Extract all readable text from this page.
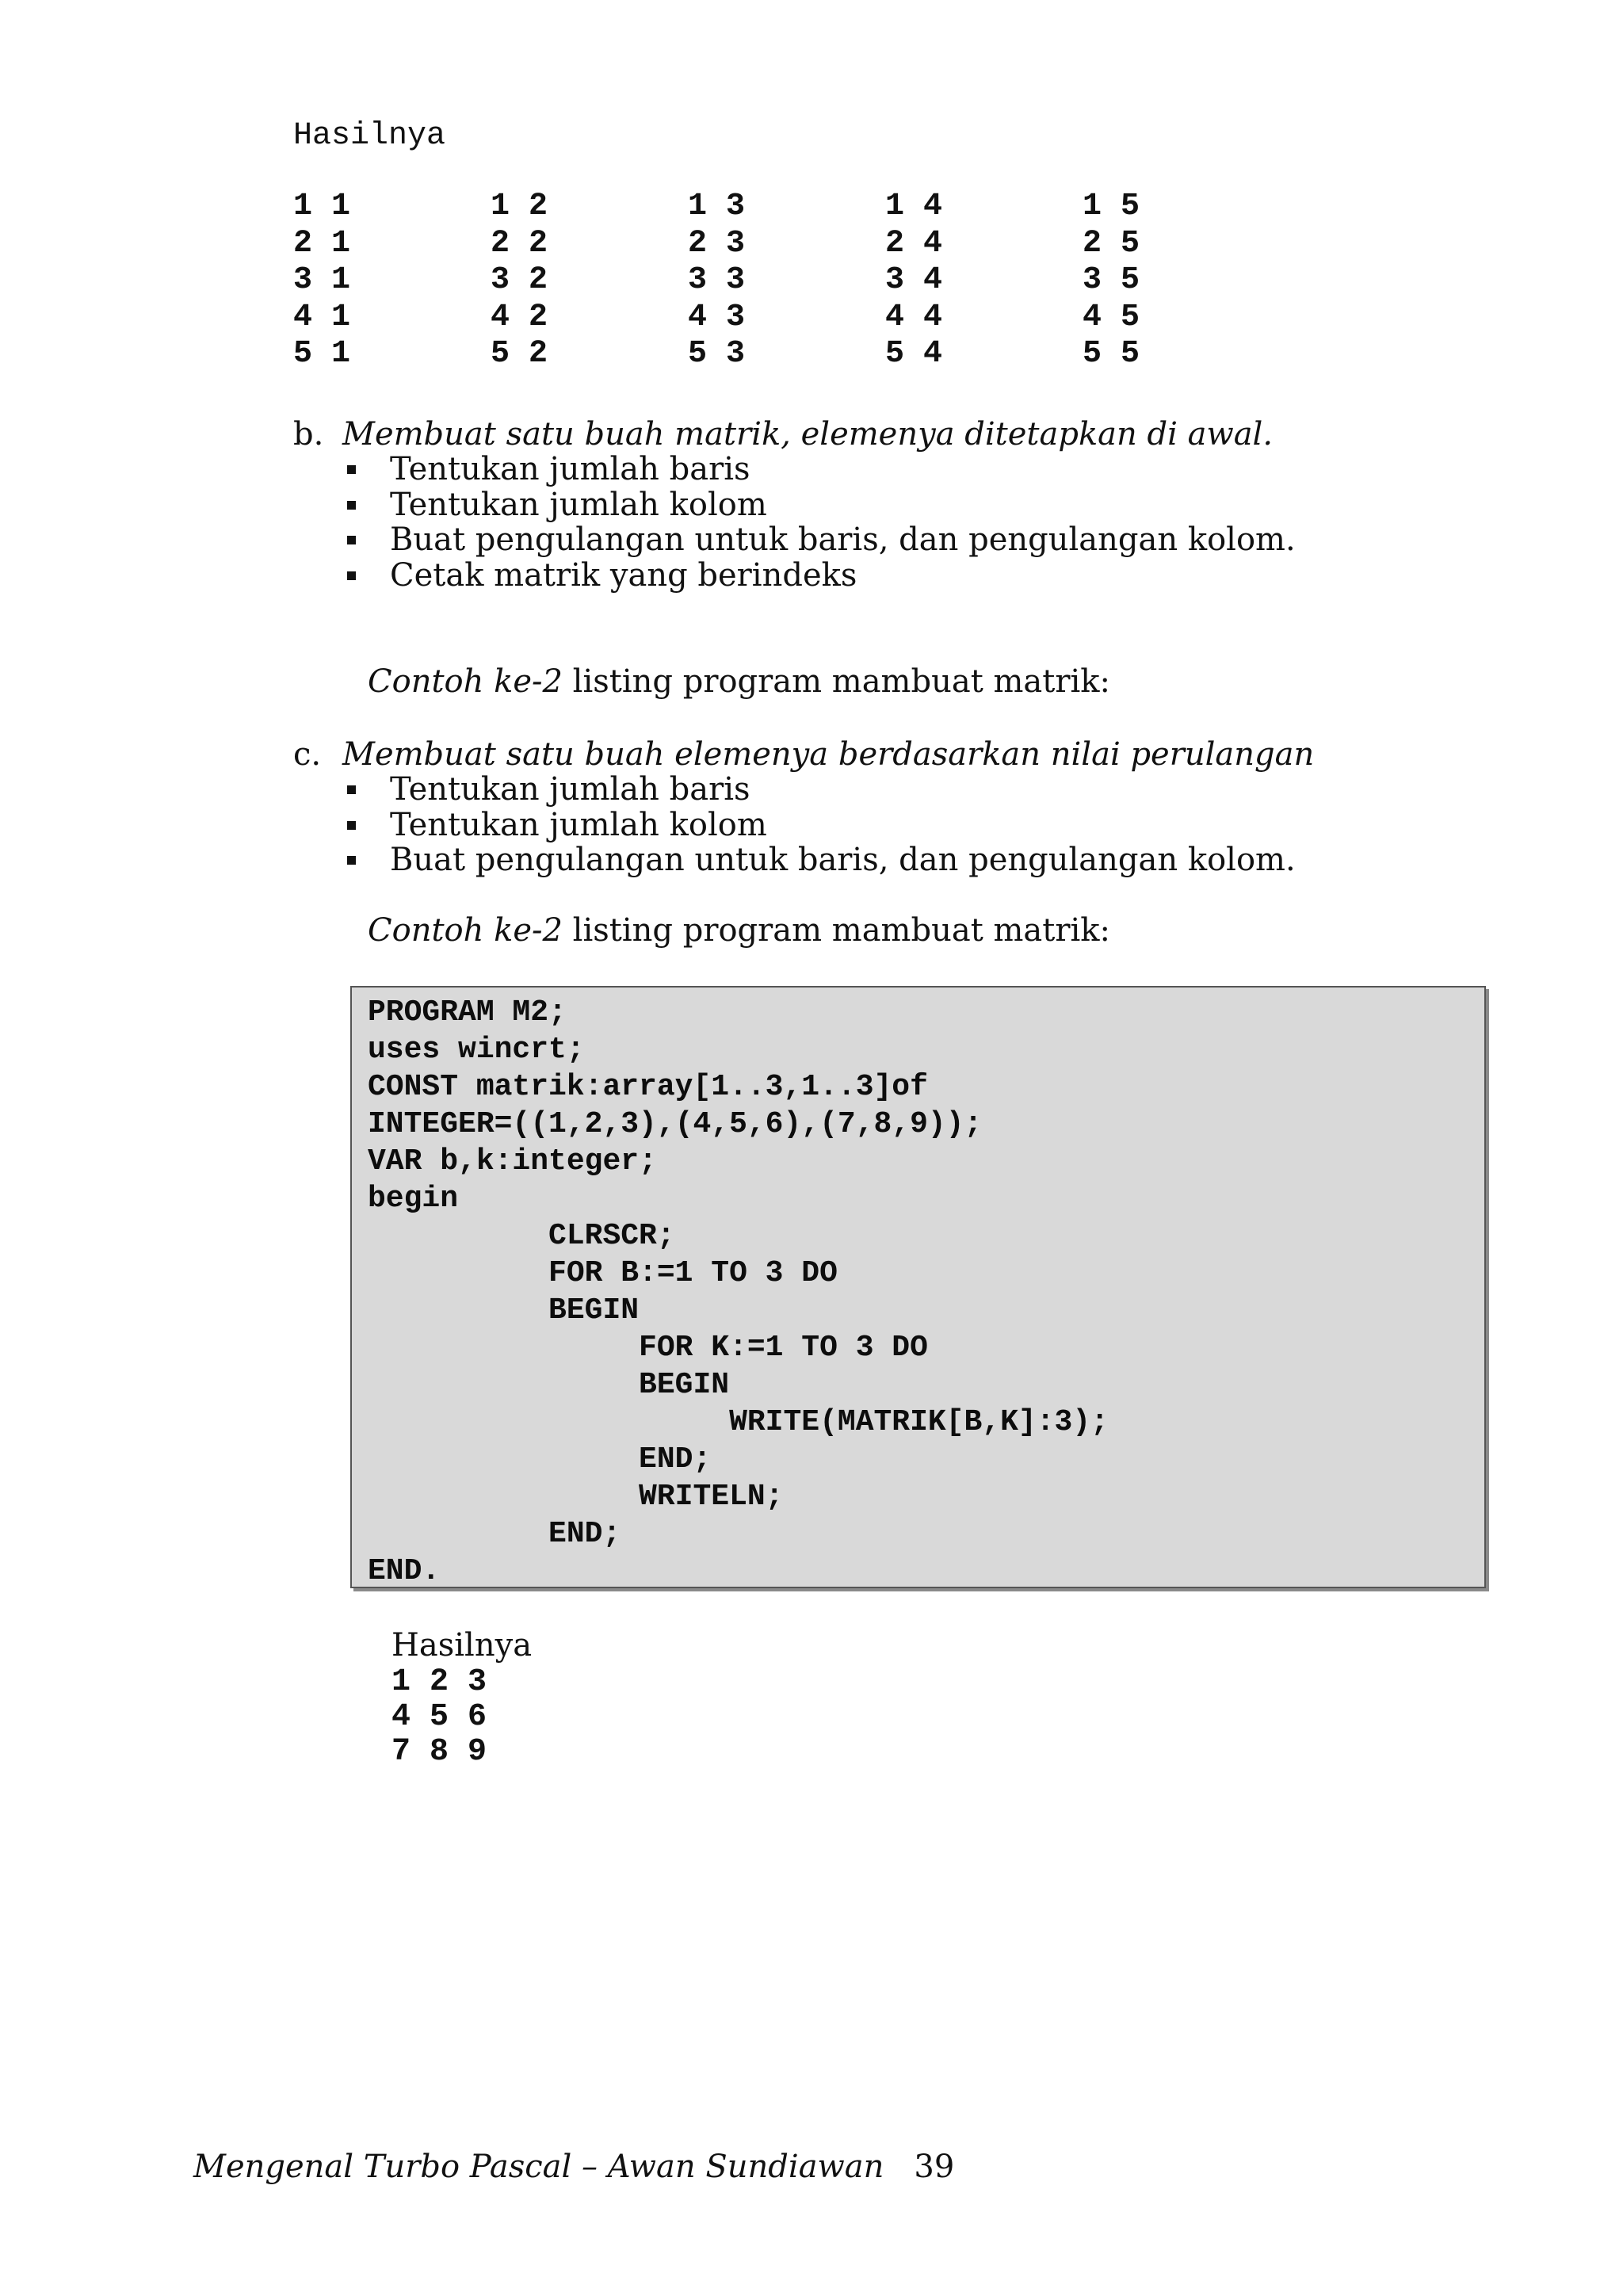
Hasilnya
1 1	1 2	1 3	1 4	1 5
2 1	2 2	2 3	2 4	2 5
3 1	3 2	3 3	3 4	3 5
4 1	4 2	4 3	4 4	4 5
5 1	5 2	5 3	5 4	5 5
b. Membuat satu buah matrik, elemenya ditetapkan di awal.
Tentukan jumlah baris
Tentukan jumlah kolom
Buat pengulangan untuk baris, dan pengulangan kolom.
Cetak matrik yang berindeks
Contoh ke-2 listing program mambuat matrik:
c. Membuat satu buah elemenya berdasarkan nilai perulangan
Tentukan jumlah baris
Tentukan jumlah kolom
Buat pengulangan untuk baris, dan pengulangan kolom.
Contoh ke-2 listing program mambuat matrik:
PROGRAM M2;
uses wincrt;
CONST matrik:array[1..3,1..3]of
INTEGER=((1,2,3),(4,5,6),(7,8,9));
VAR b,k:integer;
begin
CLRSCR;
FOR B:=1 TO 3 DO
BEGIN
FOR K:=1 TO 3 DO
BEGIN
WRITE(MATRIK[B,K]:3);
END;
WRITELN;
END;
END.
Hasilnya
1 2 3
4 5 6
7 8 9
Mengenal Turbo Pascal – Awan Sundiawan 39
